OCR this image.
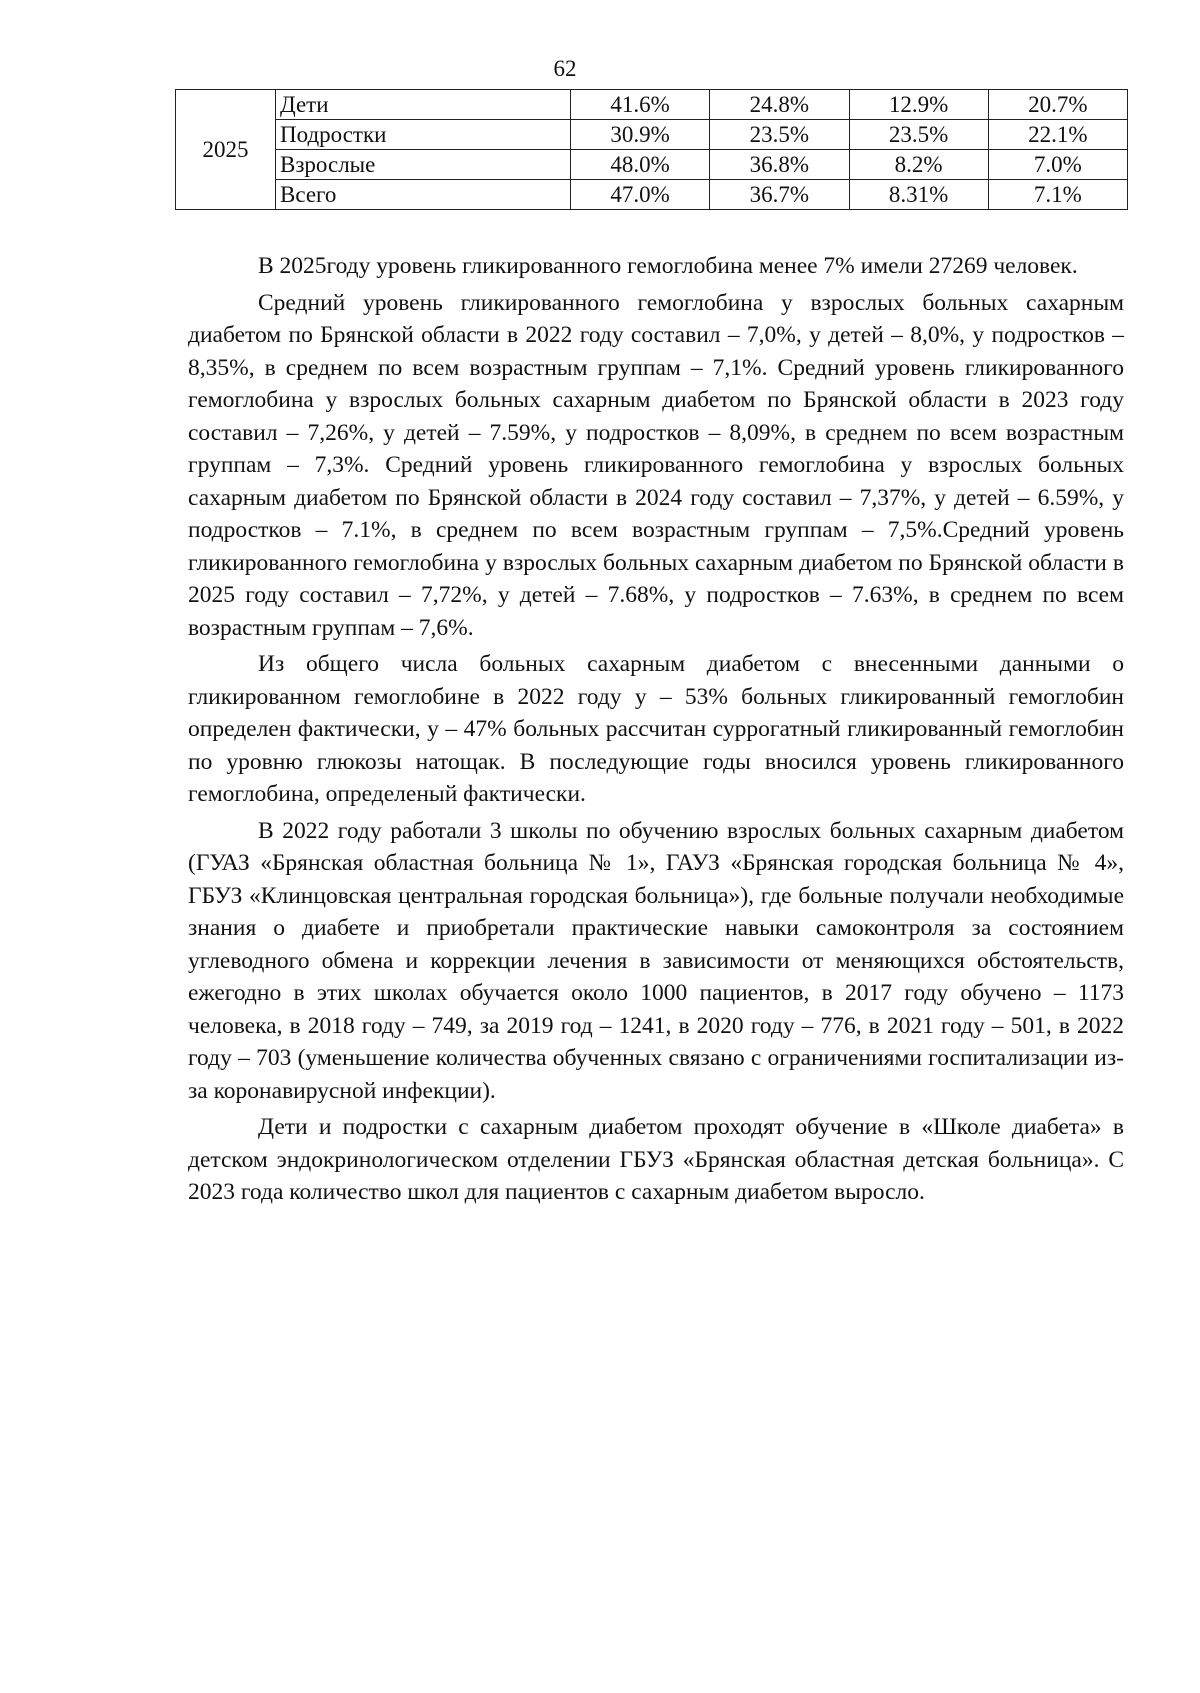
62
2025	Дети	41.6%	24.8%	12.9%	20.7%
	Подростки	30.9%	23.5%	23.5%	22.1%
	Взрослые	48.0%	36.8%	8.2%	7.0%
	Всего	47.0%	36.7%	8.31%	7.1%

В 2025году уровень гликированного гемоглобина менее 7% имели 27269 человек.

Средний уровень гликированного гемоглобина у взрослых больных сахарным диабетом по Брянской области в 2022 году составил – 7,0%, у детей – 8,0%, у подростков – 8,35%, в среднем по всем возрастным группам – 7,1%. Средний уровень гликированного гемоглобина у взрослых больных сахарным диабетом по Брянской области в 2023 году составил – 7,26%, у детей – 7.59%, у подростков – 8,09%, в среднем по всем возрастным группам – 7,3%. Средний уровень гликированного гемоглобина у взрослых больных сахарным диабетом по Брянской области в 2024 году составил – 7,37%, у детей – 6.59%, у подростков – 7.1%, в среднем по всем возрастным группам – 7,5%.Средний уровень гликированного гемоглобина у взрослых больных сахарным диабетом по Брянской области в 2025 году составил – 7,72%, у детей – 7.68%, у подростков – 7.63%, в среднем по всем возрастным группам – 7,6%.

Из общего числа больных сахарным диабетом с внесенными данными о гликированном гемоглобине в 2022 году у – 53% больных гликированный гемоглобин определен фактически, у – 47% больных рассчитан суррогатный гликированный гемоглобин по уровню глюкозы натощак. В последующие годы вносился уровень гликированного гемоглобина, определеный фактически.

В 2022 году работали 3 школы по обучению взрослых больных сахарным диабетом (ГУАЗ «Брянская областная больница № 1», ГАУЗ «Брянская городская больница № 4», ГБУЗ «Клинцовская центральная городская больница»), где больные получали необходимые знания о диабете и приобретали практические навыки самоконтроля за состоянием углеводного обмена и коррекции лечения в зависимости от меняющихся обстоятельств, ежегодно в этих школах обучается около 1000 пациентов, в 2017 году обучено – 1173 человека, в 2018 году – 749, за 2019 год – 1241, в 2020 году – 776, в 2021 году – 501, в 2022 году – 703 (уменьшение количества обученных связано с ограничениями госпитализации из-за коронавирусной инфекции).

Дети и подростки с сахарным диабетом проходят обучение в «Школе диабета» в детском эндокринологическом отделении ГБУЗ «Брянская областная детская больница». С 2023 года количество школ для пациентов с сахарным диабетом выросло.
